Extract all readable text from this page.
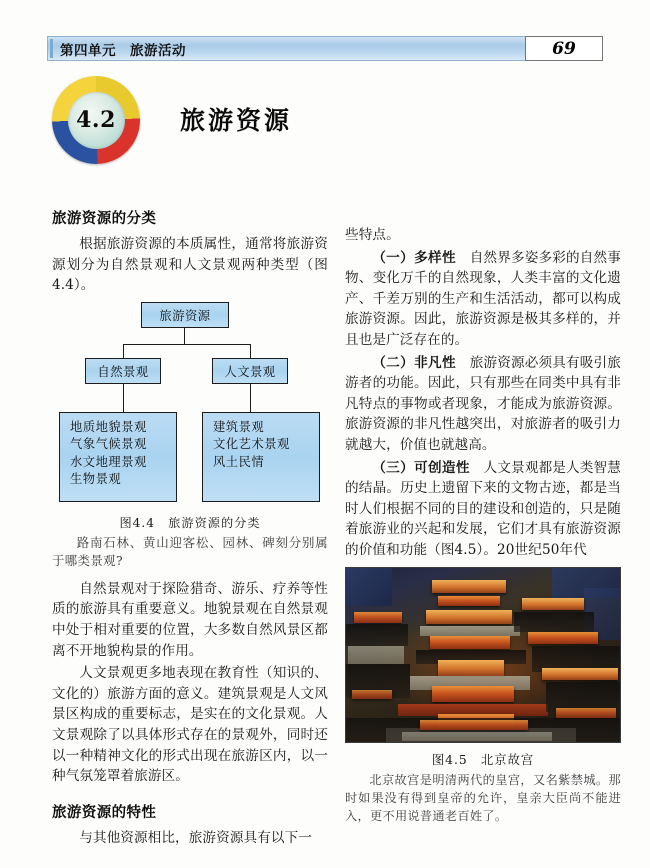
第四单元　旅游活动	69
4.2	旅游资源
旅游资源的分类

根据旅游资源的本质属性，通常将旅游资源划分为自然景观和人文景观两种类型（图4.4）。

旅游资源
自然景观	人文景观
地质地貌景观
气象气候景观
水文地理景观
生物景观
建筑景观
文化艺术景观
风土民情
图4.4　旅游资源的分类

路南石林、黄山迎客松、园林、碑刻分别属于哪类景观?

自然景观对于探险猎奇、游乐、疗养等性质的旅游具有重要意义。地貌景观在自然景观中处于相对重要的位置，大多数自然风景区都离不开地貌构景的作用。

人文景观更多地表现在教育性（知识的、文化的）旅游方面的意义。建筑景观是人文风景区构成的重要标志，是实在的文化景观。人文景观除了以具体形式存在的景观外，同时还以一种精神文化的形式出现在旅游区内，以一种气氛笼罩着旅游区。

旅游资源的特性

与其他资源相比，旅游资源具有以下一

些特点。

（一）多样性　自然界多姿多彩的自然事物、变化万千的自然现象，人类丰富的文化遗产、千差万别的生产和生活活动，都可以构成旅游资源。因此，旅游资源是极其多样的，并且也是广泛存在的。

（二）非凡性　旅游资源必须具有吸引旅游者的功能。因此，只有那些在同类中具有非凡特点的事物或者现象，才能成为旅游资源。旅游资源的非凡性越突出，对旅游者的吸引力就越大，价值也就越高。

（三）可创造性　人文景观都是人类智慧的结晶。历史上遗留下来的文物古迹，都是当时人们根据不同的目的建设和创造的，只是随着旅游业的兴起和发展，它们才具有旅游资源的价值和功能（图4.5）。20世纪50年代

图4.5　北京故宫

北京故宫是明清两代的皇宫，又名紫禁城。那时如果没有得到皇帝的允许，皇亲大臣尚不能进入，更不用说普通老百姓了。
